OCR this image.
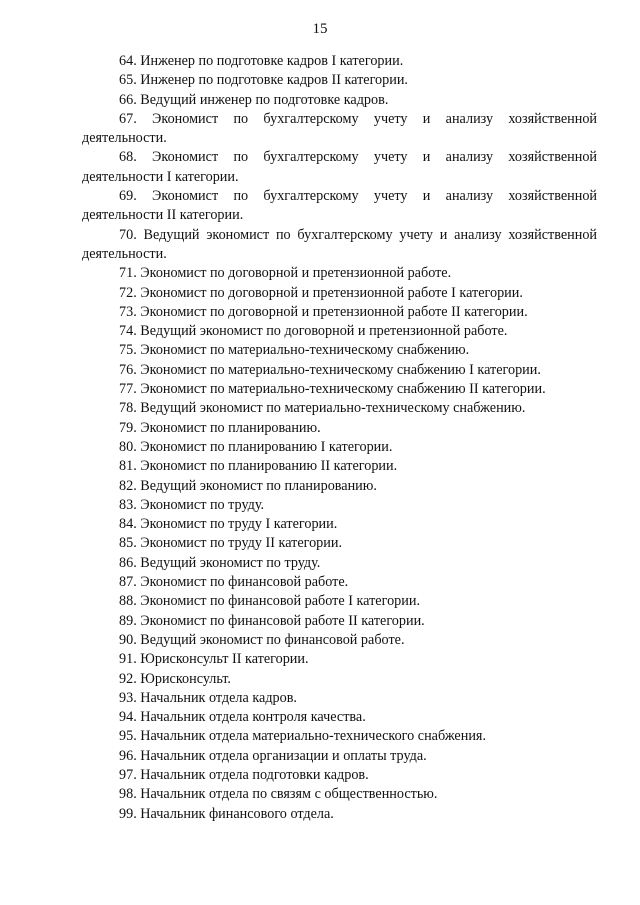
15
64. Инженер по подготовке кадров I категории.
65. Инженер по подготовке кадров II категории.
66. Ведущий инженер по подготовке кадров.
67. Экономист по бухгалтерскому учету и анализу хозяйственной деятельности.
68. Экономист по бухгалтерскому учету и анализу хозяйственной деятельности I категории.
69. Экономист по бухгалтерскому учету и анализу хозяйственной деятельности II категории.
70. Ведущий экономист по бухгалтерскому учету и анализу хозяйственной деятельности.
71. Экономист по договорной и претензионной работе.
72. Экономист по договорной и претензионной работе I категории.
73. Экономист по договорной и претензионной работе II категории.
74. Ведущий экономист по договорной и претензионной работе.
75. Экономист по материально-техническому снабжению.
76. Экономист по материально-техническому снабжению I категории.
77. Экономист по материально-техническому снабжению II категории.
78. Ведущий экономист по материально-техническому снабжению.
79. Экономист по планированию.
80. Экономист по планированию I категории.
81. Экономист по планированию II категории.
82. Ведущий экономист по планированию.
83. Экономист по труду.
84. Экономист по труду I категории.
85. Экономист по труду II категории.
86. Ведущий экономист по труду.
87. Экономист по финансовой работе.
88. Экономист по финансовой работе I категории.
89. Экономист по финансовой работе II категории.
90. Ведущий экономист по финансовой работе.
91. Юрисконсульт II категории.
92. Юрисконсульт.
93. Начальник отдела кадров.
94. Начальник отдела контроля качества.
95. Начальник отдела материально-технического снабжения.
96. Начальник отдела организации и оплаты труда.
97. Начальник отдела подготовки кадров.
98. Начальник отдела по связям с общественностью.
99. Начальник финансового отдела.
